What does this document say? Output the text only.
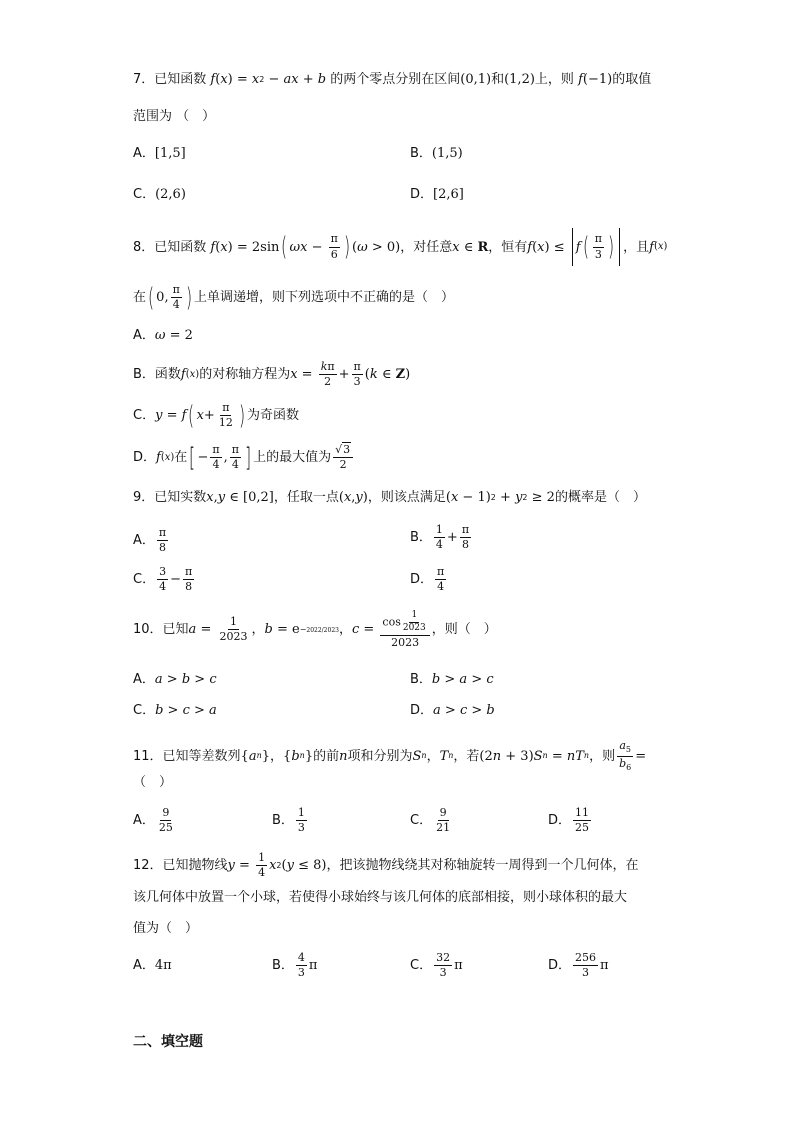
7．已知函数 f ( x ) = x 2 − ax + b 的两个零点分别在区间 (0,1) 和 (1,2) 上，则 f (−1) 的取值
范围为 （　）
A． [1,5]	B． (1,5)
C． (2,6)	D． [2,6]
8．已知函数 f ( x ) = 2sin ( $\omega x - \frac{\pi}{6}$ ) ( ω > 0) ，对任意 x ∈ R ，恒有 f ( x ) ≤ f ( $\frac{\pi}{3}$ ) ，且 f ( x )
在 ( 0, $\frac{\pi}{4}$ ) 上单调递增，则下列选项中不正确的是（　）
A． ω = 2
B．函数 f ( x ) 的对称轴方程为 $x = \frac{k\pi}{2} + \frac{\pi}{3}$ ( k ∈ Z)
C． y = f ( $x + \frac{\pi}{12}$ ) 为奇函数
D． f ( x ) 在 [ − $\frac{\pi}{4}$ , $\frac{\pi}{4}$ ] 上的最大值为 $\frac{√3}{2}$
9．已知实数 x , y ∈ [0,2] ，任取一点 ( x , y ) ，则该点满足 ( x − 1) 2 + y 2 ≥ 2 的概率是（　）
A． $\frac{\pi}{8}$	B． $\frac{1}{4} + \frac{\pi}{8}$
C． $\frac{3}{4} - \frac{\pi}{8}$	D． $\frac{\pi}{4}$
10．已知 $a = \frac{1}{2023}$ ， b = e −2022/2023 ， $c = \frac{\cos \frac{1}{2023}}{2023}$ ，则（　）
A． a > b > c	B． b > a > c
C． b > c > a	D． a > c > b
11．已知等差数列 { a n } ， { b n } 的前 n 项和分别为 S n ， T n ，若 (2 n + 3) S n = nT n ，则 $\frac{a_5}{b_6}$ =
（　）
A． $\frac{9}{25}$	B． $\frac{1}{3}$	C． $\frac{9}{21}$	D． $\frac{11}{25}$
12．已知抛物线 $y = \frac{1}{4}$ x 2 ( y ≤ 8) ，把该抛物线绕其对称轴旋转一周得到一个几何体，在
该几何体中放置一个小球，若使得小球始终与该几何体的底部相接，则小球体积的最大
值为（　）
A． 4π	B． $\frac{4}{3}$ π	C． $\frac{32}{3}$ π	D． $\frac{256}{3}$ π
二、填空题
